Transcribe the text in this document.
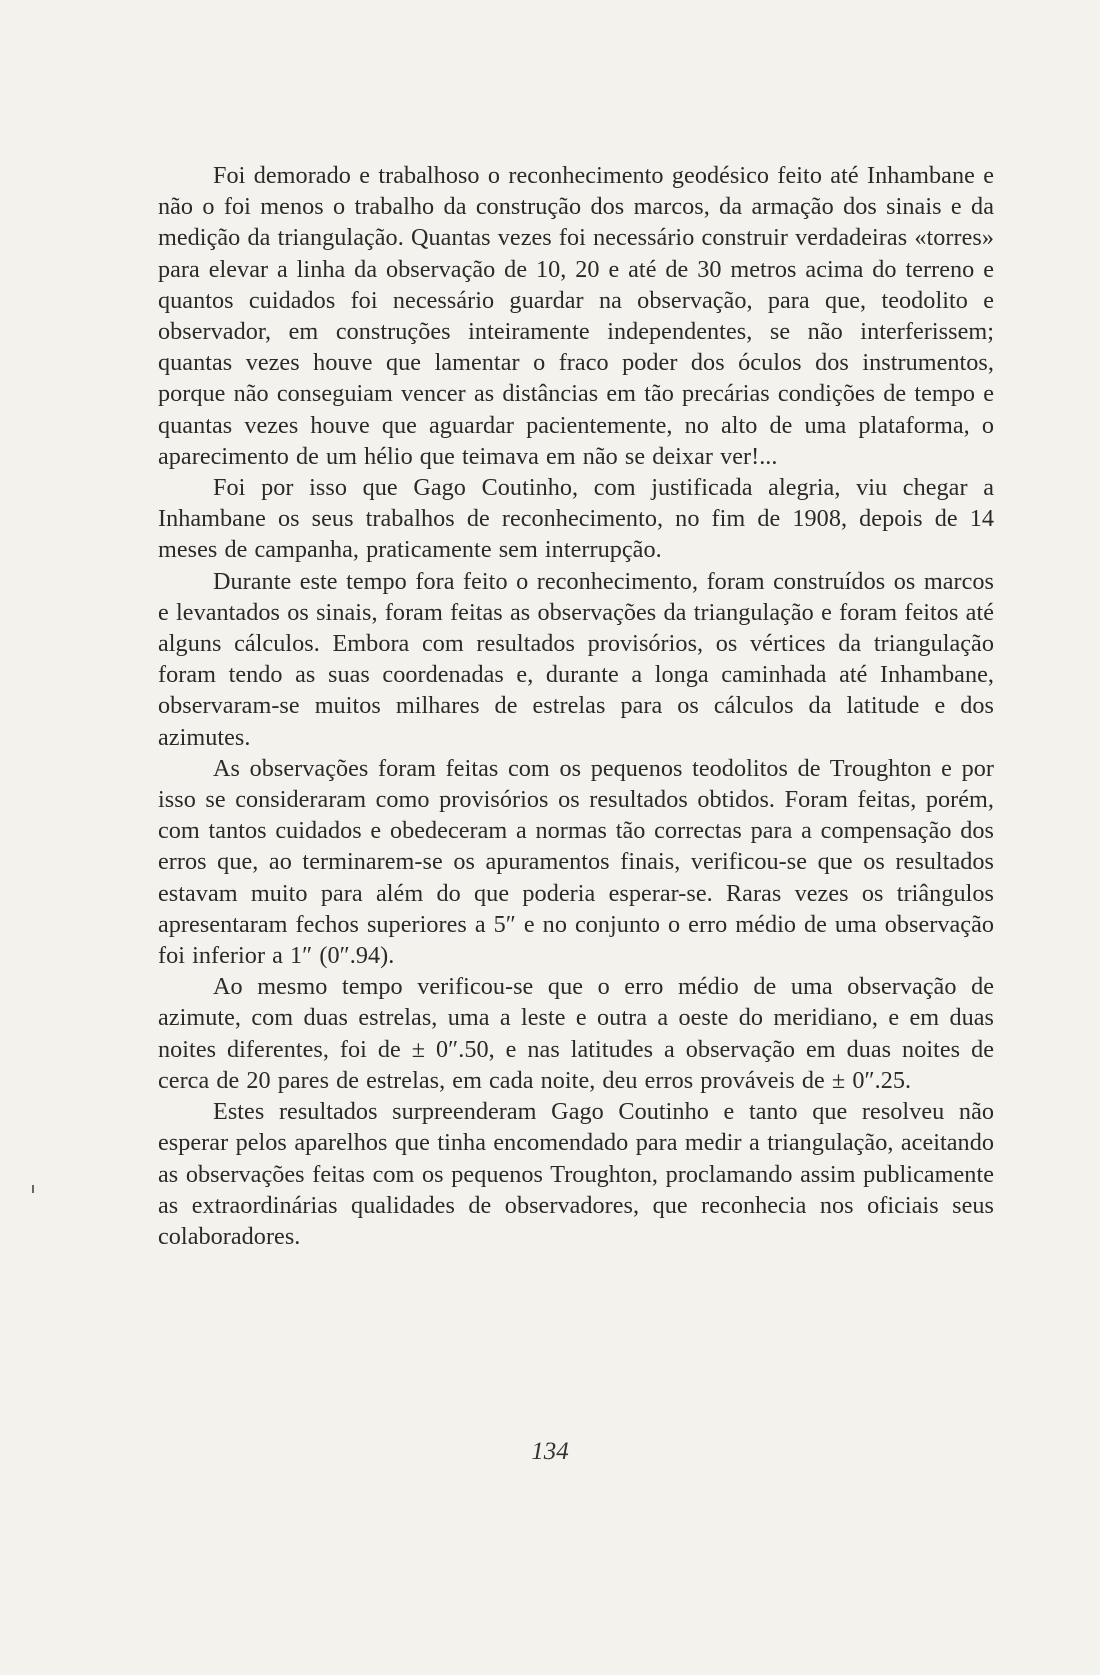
Foi demorado e trabalhoso o reconhecimento geodésico feito até Inhambane e não o foi menos o trabalho da construção dos marcos, da armação dos sinais e da medição da triangulação. Quantas vezes foi necessário construir verdadeiras «torres» para elevar a linha da observação de 10, 20 e até de 30 metros acima do terreno e quantos cuidados foi necessário guardar na observação, para que, teodolito e observador, em construções inteiramente independentes, se não interferissem; quantas vezes houve que lamentar o fraco poder dos óculos dos instrumentos, porque não conseguiam vencer as distâncias em tão precárias condições de tempo e quantas vezes houve que aguardar pacientemente, no alto de uma plataforma, o aparecimento de um hélio que teimava em não se deixar ver!...

Foi por isso que Gago Coutinho, com justificada alegria, viu chegar a Inhambane os seus trabalhos de reconhecimento, no fim de 1908, depois de 14 meses de campanha, praticamente sem interrupção.

Durante este tempo fora feito o reconhecimento, foram construídos os marcos e levantados os sinais, foram feitas as observações da triangulação e foram feitos até alguns cálculos. Embora com resultados provisórios, os vértices da triangulação foram tendo as suas coordenadas e, durante a longa caminhada até Inhambane, observaram-se muitos milhares de estrelas para os cálculos da latitude e dos azimutes.

As observações foram feitas com os pequenos teodolitos de Troughton e por isso se consideraram como provisórios os resultados obtidos. Foram feitas, porém, com tantos cuidados e obedeceram a normas tão correctas para a compensação dos erros que, ao terminarem-se os apuramentos finais, verificou-se que os resultados estavam muito para além do que poderia esperar-se. Raras vezes os triângulos apresentaram fechos superiores a 5″ e no conjunto o erro médio de uma observação foi inferior a 1″ (0″.94).

Ao mesmo tempo verificou-se que o erro médio de uma observação de azimute, com duas estrelas, uma a leste e outra a oeste do meridiano, e em duas noites diferentes, foi de ± 0″.50, e nas latitudes a observação em duas noites de cerca de 20 pares de estrelas, em cada noite, deu erros prováveis de ± 0″.25.

Estes resultados surpreenderam Gago Coutinho e tanto que resolveu não esperar pelos aparelhos que tinha encomendado para medir a triangulação, aceitando as observações feitas com os pequenos Troughton, proclamando assim publicamente as extraordinárias qualidades de observadores, que reconhecia nos oficiais seus colaboradores.

134
